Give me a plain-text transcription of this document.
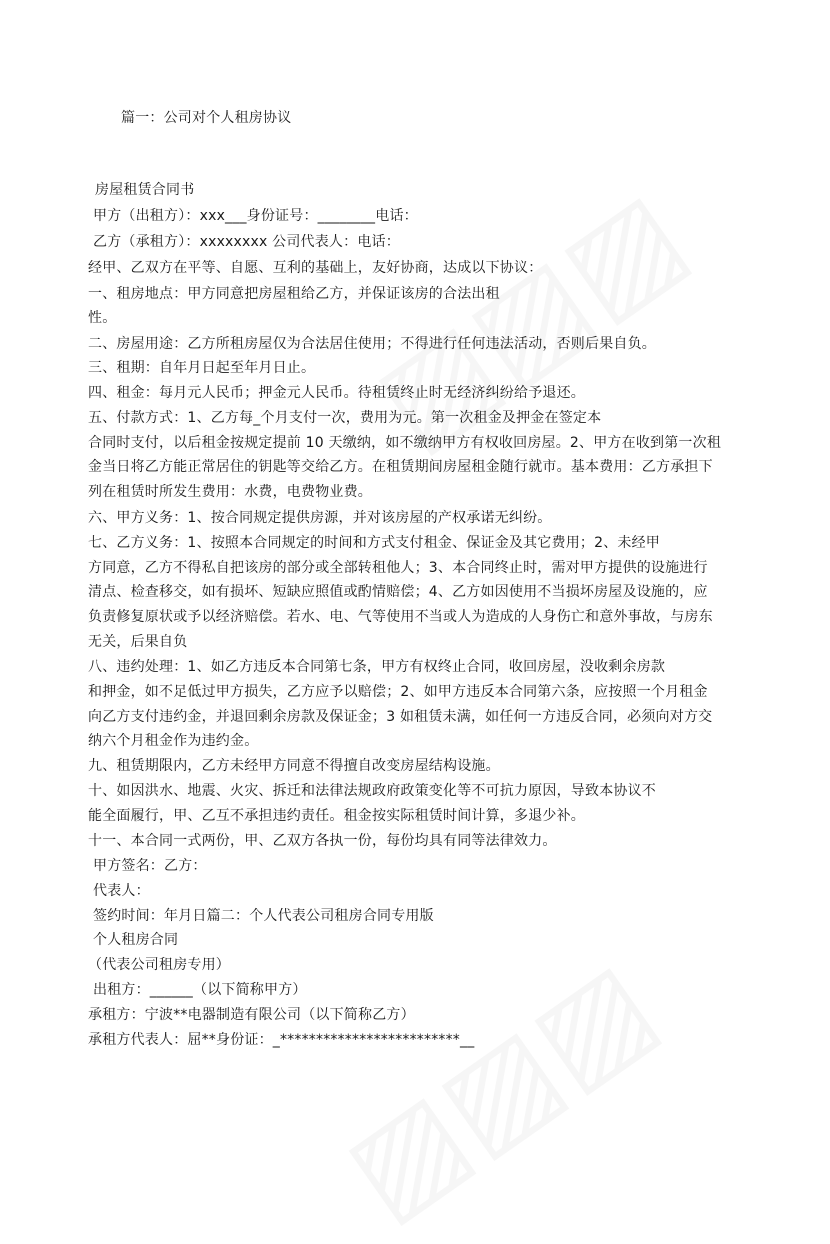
篇一：公司对个人租房协议
房屋租赁合同书
甲方（出租方）：xxx___身份证号：________电话：
乙方（承租方）：xxxxxxxx 公司代表人：电话：
经甲、乙双方在平等、自愿、互利的基础上，友好协商，达成以下协议：
一、租房地点：甲方同意把房屋租给乙方，并保证该房的合法出租
性。
二、房屋用途：乙方所租房屋仅为合法居住使用；不得进行任何违法活动，否则后果自负。
三、租期：自年月日起至年月日止。
四、租金：每月元人民币；押金元人民币。待租赁终止时无经济纠纷给予退还。
五、付款方式：1、乙方每_个月支付一次，费用为元。第一次租金及押金在签定本
合同时支付，以后租金按规定提前 10 天缴纳，如不缴纳甲方有权收回房屋。2、甲方在收到第一次租
金当日将乙方能正常居住的钥匙等交给乙方。在租赁期间房屋租金随行就市。基本费用：乙方承担下
列在租赁时所发生费用：水费，电费物业费。
六、甲方义务：1、按合同规定提供房源，并对该房屋的产权承诺无纠纷。
七、乙方义务：1、按照本合同规定的时间和方式支付租金、保证金及其它费用；2、未经甲
方同意，乙方不得私自把该房的部分或全部转租他人；3、本合同终止时，需对甲方提供的设施进行
清点、检查移交，如有损坏、短缺应照值或酌情赔偿；4、乙方如因使用不当损坏房屋及设施的，应
负责修复原状或予以经济赔偿。若水、电、气等使用不当或人为造成的人身伤亡和意外事故，与房东
无关，后果自负
八、违约处理：1、如乙方违反本合同第七条，甲方有权终止合同，收回房屋，没收剩余房款
和押金，如不足低过甲方损失，乙方应予以赔偿；2、如甲方违反本合同第六条，应按照一个月租金
向乙方支付违约金，并退回剩余房款及保证金；3 如租赁未满，如任何一方违反合同，必须向对方交
纳六个月租金作为违约金。
九、租赁期限内，乙方未经甲方同意不得擅自改变房屋结构设施。
十、如因洪水、地震、火灾、拆迁和法律法规政府政策变化等不可抗力原因，导致本协议不
能全面履行，甲、乙互不承担违约责任。租金按实际租赁时间计算，多退少补。
十一、本合同一式两份，甲、乙双方各执一份，每份均具有同等法律效力。
甲方签名：乙方：
代表人：
签约时间：年月日篇二：个人代表公司租房合同专用版
个人租房合同
（代表公司租房专用）
出租方：______（以下简称甲方）
承租方：宁波**电器制造有限公司（以下简称乙方）
承租方代表人：屈**身份证：_*************************__
